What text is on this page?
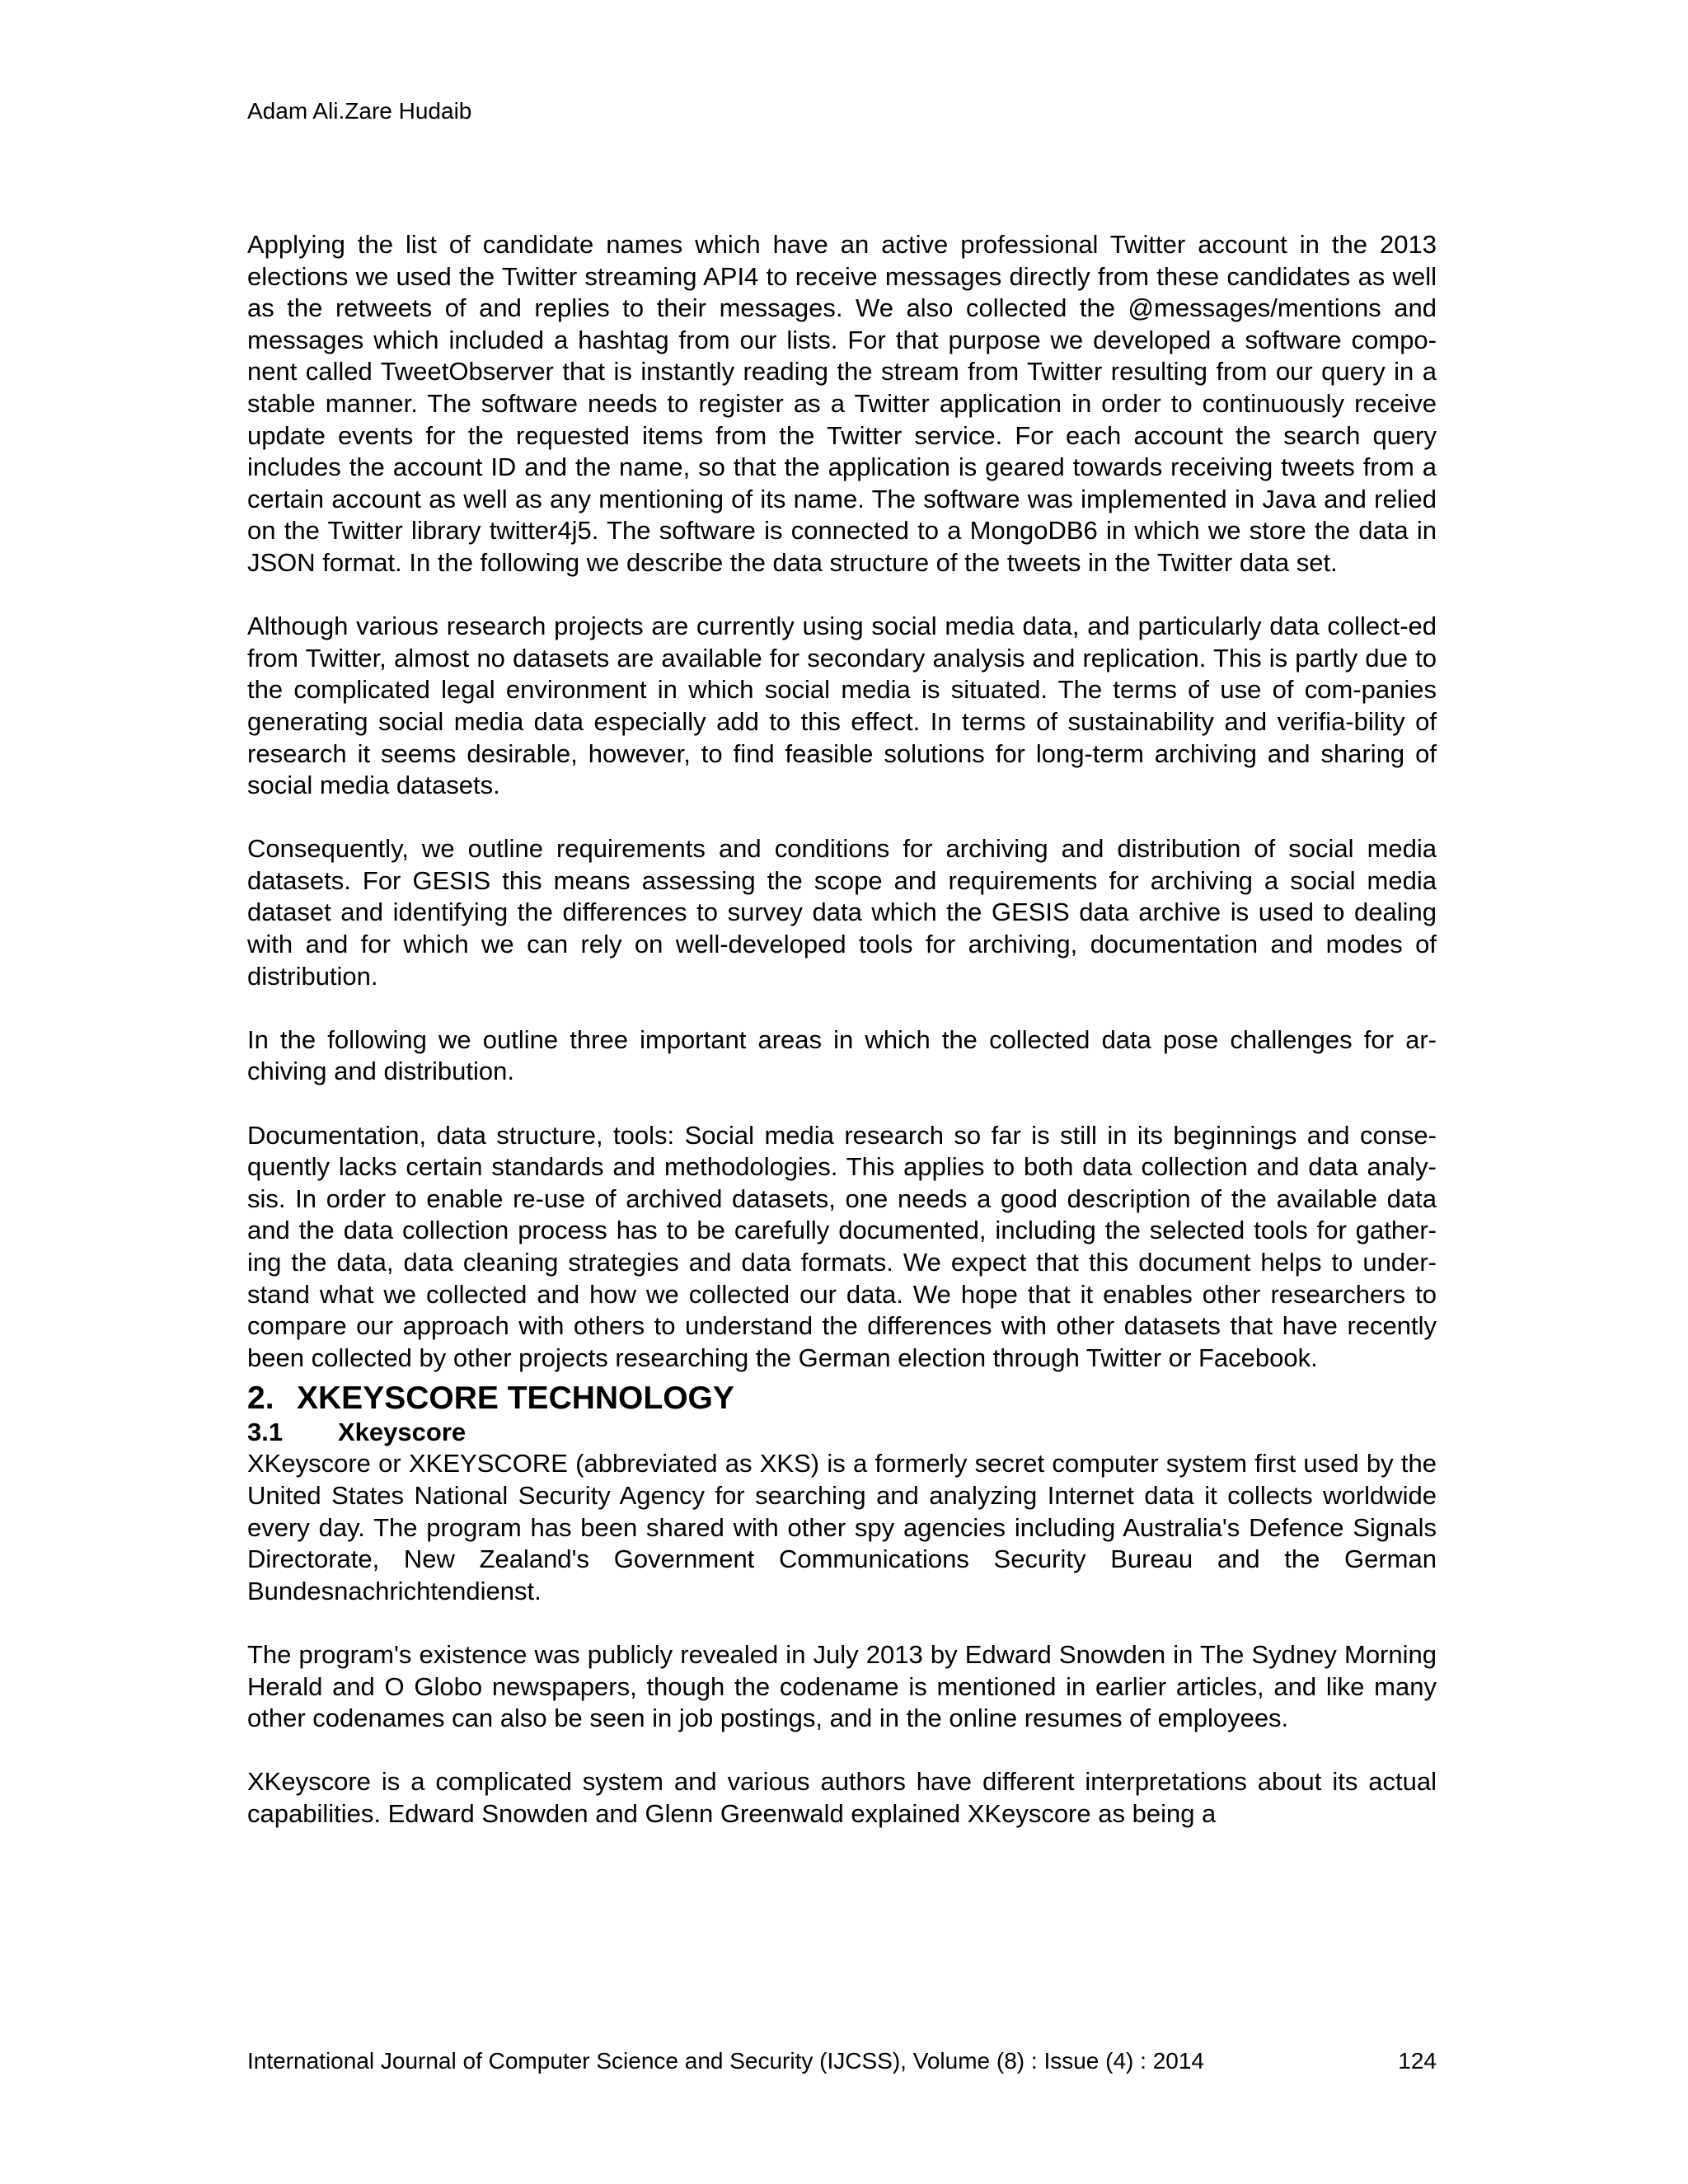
Adam Ali.Zare Hudaib

Applying the list of candidate names which have an active professional Twitter account in the 2013 elections we used the Twitter streaming API4 to receive messages directly from these candidates as well as the retweets of and replies to their messages. We also collected the @messages/mentions and messages which included a hashtag from our lists. For that purpose we developed a software compo-nent called TweetObserver that is instantly reading the stream from Twitter resulting from our query in a stable manner. The software needs to register as a Twitter application in order to continuously receive update events for the requested items from the Twitter service. For each account the search query includes the account ID and the name, so that the application is geared towards receiving tweets from a certain account as well as any mentioning of its name. The software was implemented in Java and relied on the Twitter library twitter4j5. The software is connected to a MongoDB6 in which we store the data in JSON format. In the following we describe the data structure of the tweets in the Twitter data set.

Although various research projects are currently using social media data, and particularly data collect-ed from Twitter, almost no datasets are available for secondary analysis and replication. This is partly due to the complicated legal environment in which social media is situated. The terms of use of com-panies generating social media data especially add to this effect. In terms of sustainability and verifia-bility of research it seems desirable, however, to find feasible solutions for long-term archiving and sharing of social media datasets.

Consequently, we outline requirements and conditions for archiving and distribution of social media datasets. For GESIS this means assessing the scope and requirements for archiving a social media dataset and identifying the differences to survey data which the GESIS data archive is used to dealing with and for which we can rely on well-developed tools for archiving, documentation and modes of distribution.

In the following we outline three important areas in which the collected data pose challenges for ar-chiving and distribution.

Documentation, data structure, tools: Social media research so far is still in its beginnings and conse-quently lacks certain standards and methodologies. This applies to both data collection and data analy-sis. In order to enable re-use of archived datasets, one needs a good description of the available data and the data collection process has to be carefully documented, including the selected tools for gather-ing the data, data cleaning strategies and data formats. We expect that this document helps to under-stand what we collected and how we collected our data. We hope that it enables other researchers to compare our approach with others to understand the differences with other datasets that have recently been collected by other projects researching the German election through Twitter or Facebook.

2. XKEYSCORE TECHNOLOGY
3.1 Xkeyscore

XKeyscore or XKEYSCORE (abbreviated as XKS) is a formerly secret computer system first used by the United States National Security Agency for searching and analyzing Internet data it collects worldwide every day. The program has been shared with other spy agencies including Australia's Defence Signals Directorate, New Zealand's Government Communications Security Bureau and the German Bundesnachrichtendienst.

The program's existence was publicly revealed in July 2013 by Edward Snowden in The Sydney Morning Herald and O Globo newspapers, though the codename is mentioned in earlier articles, and like many other codenames can also be seen in job postings, and in the online resumes of employees.

XKeyscore is a complicated system and various authors have different interpretations about its actual capabilities. Edward Snowden and Glenn Greenwald explained XKeyscore as being a

International Journal of Computer Science and Security (IJCSS), Volume (8) : Issue (4) : 2014	124
